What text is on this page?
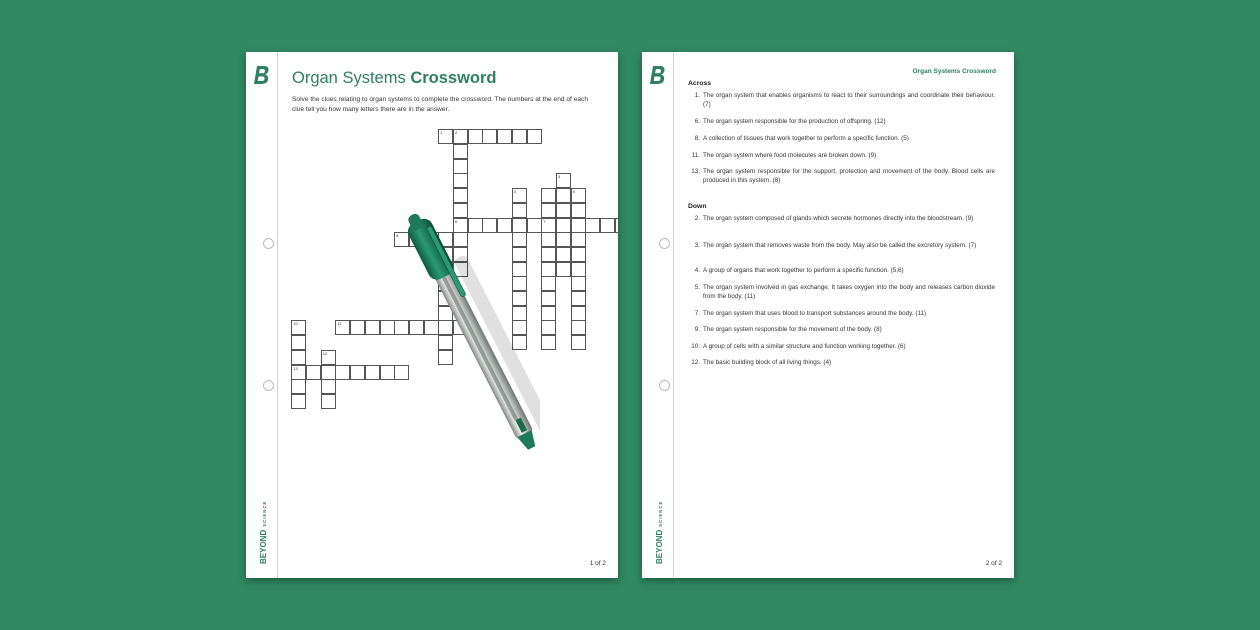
BEYONDSCIENCE
Organ Systems Crossword
Solve the clues relating to organ systems to complete the crossword. The numbers at the end of each clue tell you how many letters there are in the answer.
1	2
6	7
4
3
5
8
11
10
13
12
1 of 2	BEYONDSCIENCE
Organ Systems Crossword
Across
1. The organ system that enables organisms to react to their surroundings and coordinate their behaviour. (7)
6. The organ system responsible for the production of offspring. (12)
8. A collection of tissues that work together to perform a specific function. (5)
11. The organ system where food molecules are broken down. (9)
13. The organ system responsible for the support, protection and movement of the body. Blood cells are produced in this system. (8)
Down
2. The organ system composed of glands which secrete hormones directly into the bloodstream. (9)
3. The organ system that removes waste from the body. May also be called the excretory system. (7)
4. A group of organs that work together to perform a specific function. (5,6)
5. The organ system involved in gas exchange. It takes oxygen into the body and releases carbon dioxide from the body. (11)
7. The organ system that uses blood to transport substances around the body. (11)
9. The organ system responsible for the movement of the body. (8)
10. A group of cells with a similar structure and function working together. (6)
12. The basic building block of all living things. (4)
2 of 2
